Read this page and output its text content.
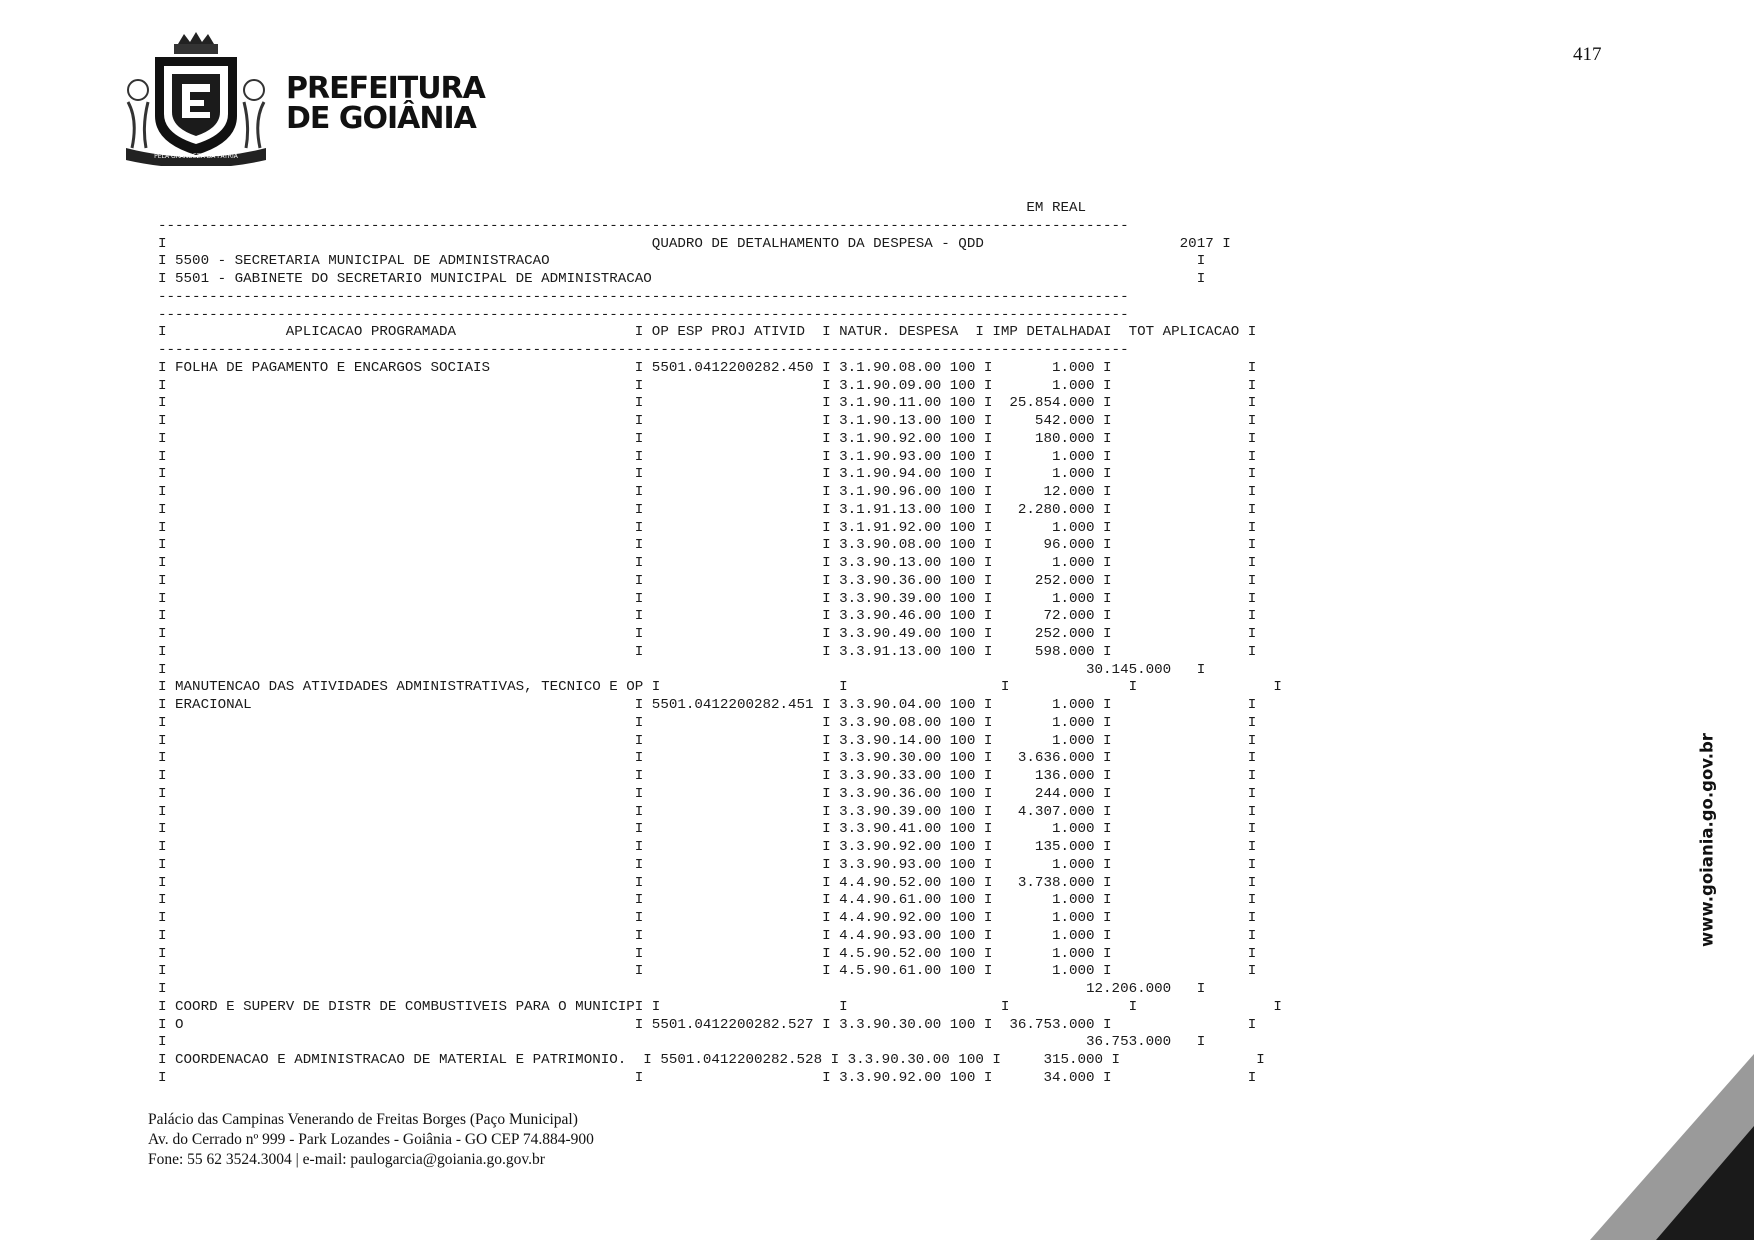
417
PELA GRANDEZA DA PÁTRIA
PREFEITURA
DE GOIÂNIA
EM REAL
------------------------------------------------------------------------------------------------------------------
I                                                         QUADRO DE DETALHAMENTO DA DESPESA - QDD                       2017 I
I 5500 - SECRETARIA MUNICIPAL DE ADMINISTRACAO                                                                            I
I 5501 - GABINETE DO SECRETARIO MUNICIPAL DE ADMINISTRACAO                                                                I
------------------------------------------------------------------------------------------------------------------
------------------------------------------------------------------------------------------------------------------
I              APLICACAO PROGRAMADA                     I OP ESP PROJ ATIVID  I NATUR. DESPESA  I IMP DETALHADAI  TOT APLICACAO I
------------------------------------------------------------------------------------------------------------------
I FOLHA DE PAGAMENTO E ENCARGOS SOCIAIS                 I 5501.0412200282.450 I 3.1.90.08.00 100 I       1.000 I                I
I                                                       I                     I 3.1.90.09.00 100 I       1.000 I                I
I                                                       I                     I 3.1.90.11.00 100 I  25.854.000 I                I
I                                                       I                     I 3.1.90.13.00 100 I     542.000 I                I
I                                                       I                     I 3.1.90.92.00 100 I     180.000 I                I
I                                                       I                     I 3.1.90.93.00 100 I       1.000 I                I
I                                                       I                     I 3.1.90.94.00 100 I       1.000 I                I
I                                                       I                     I 3.1.90.96.00 100 I      12.000 I                I
I                                                       I                     I 3.1.91.13.00 100 I   2.280.000 I                I
I                                                       I                     I 3.1.91.92.00 100 I       1.000 I                I
I                                                       I                     I 3.3.90.08.00 100 I      96.000 I                I
I                                                       I                     I 3.3.90.13.00 100 I       1.000 I                I
I                                                       I                     I 3.3.90.36.00 100 I     252.000 I                I
I                                                       I                     I 3.3.90.39.00 100 I       1.000 I                I
I                                                       I                     I 3.3.90.46.00 100 I      72.000 I                I
I                                                       I                     I 3.3.90.49.00 100 I     252.000 I                I
I                                                       I                     I 3.3.91.13.00 100 I     598.000 I                I
I                                                                                                            30.145.000   I
I MANUTENCAO DAS ATIVIDADES ADMINISTRATIVAS, TECNICO E OP I                     I                  I              I                I
I ERACIONAL                                             I 5501.0412200282.451 I 3.3.90.04.00 100 I       1.000 I                I
I                                                       I                     I 3.3.90.08.00 100 I       1.000 I                I
I                                                       I                     I 3.3.90.14.00 100 I       1.000 I                I
I                                                       I                     I 3.3.90.30.00 100 I   3.636.000 I                I
I                                                       I                     I 3.3.90.33.00 100 I     136.000 I                I
I                                                       I                     I 3.3.90.36.00 100 I     244.000 I                I
I                                                       I                     I 3.3.90.39.00 100 I   4.307.000 I                I
I                                                       I                     I 3.3.90.41.00 100 I       1.000 I                I
I                                                       I                     I 3.3.90.92.00 100 I     135.000 I                I
I                                                       I                     I 3.3.90.93.00 100 I       1.000 I                I
I                                                       I                     I 4.4.90.52.00 100 I   3.738.000 I                I
I                                                       I                     I 4.4.90.61.00 100 I       1.000 I                I
I                                                       I                     I 4.4.90.92.00 100 I       1.000 I                I
I                                                       I                     I 4.4.90.93.00 100 I       1.000 I                I
I                                                       I                     I 4.5.90.52.00 100 I       1.000 I                I
I                                                       I                     I 4.5.90.61.00 100 I       1.000 I                I
I                                                                                                            12.206.000   I
I COORD E SUPERV DE DISTR DE COMBUSTIVEIS PARA O MUNICIPI I                     I                  I              I                I
I O                                                     I 5501.0412200282.527 I 3.3.90.30.00 100 I  36.753.000 I                I
I                                                                                                            36.753.000   I
I COORDENACAO E ADMINISTRACAO DE MATERIAL E PATRIMONIO.  I 5501.0412200282.528 I 3.3.90.30.00 100 I     315.000 I                I
I                                                       I                     I 3.3.90.92.00 100 I      34.000 I                I
Palácio das Campinas Venerando de Freitas Borges (Paço Municipal)
Av. do Cerrado nº 999 - Park Lozandes - Goiânia - GO CEP 74.884-900
Fone: 55 62 3524.3004 | e-mail: paulogarcia@goiania.go.gov.br
www.goiania.go.gov.br
